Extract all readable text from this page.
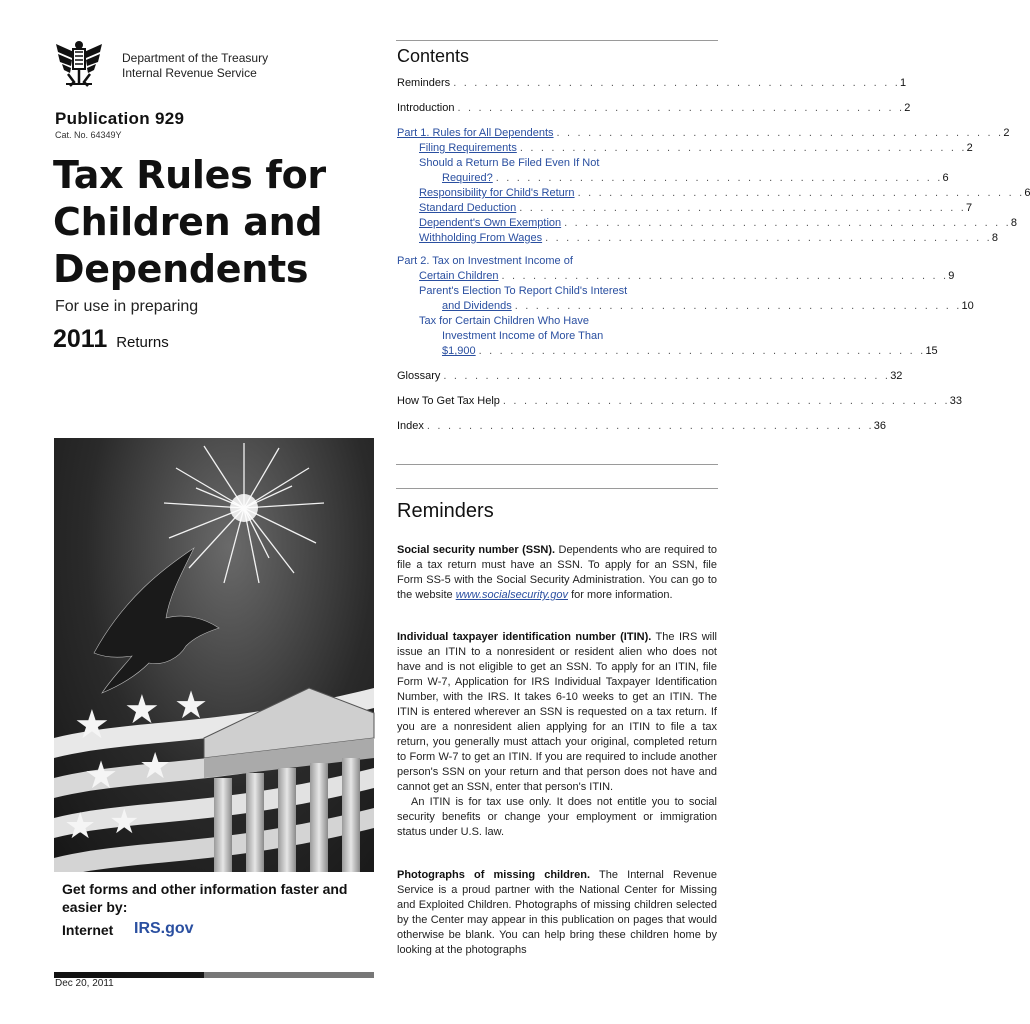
Department of the Treasury
Internal Revenue Service
Publication 929
Cat. No. 64349Y
Tax Rules for
Children and
Dependents
For use in preparing
2011 Returns
★ ★ ★
★ ★
★ ★
Get forms and other information faster and easier by:
Internet IRS.gov
Dec 20, 2011
Contents
Reminders . . . . . . . . . . . . . . . . . . . . . . . . . . . . . . . . . . . . . . . . . . . 1
Introduction . . . . . . . . . . . . . . . . . . . . . . . . . . . . . . . . . . . . . . . . . . . 2
Part 1. Rules for All Dependents . . . . . . . . . . . . . . . . . . . . . . . . . . . . . . . . . . . . . . . . . . . 2
Filing Requirements . . . . . . . . . . . . . . . . . . . . . . . . . . . . . . . . . . . . . . . . . . . 2
Should a Return Be Filed Even If Not
Required? . . . . . . . . . . . . . . . . . . . . . . . . . . . . . . . . . . . . . . . . . . . 6
Responsibility for Child's Return . . . . . . . . . . . . . . . . . . . . . . . . . . . . . . . . . . . . . . . . . . . 6
Standard Deduction . . . . . . . . . . . . . . . . . . . . . . . . . . . . . . . . . . . . . . . . . . . 7
Dependent's Own Exemption . . . . . . . . . . . . . . . . . . . . . . . . . . . . . . . . . . . . . . . . . . . 8
Withholding From Wages . . . . . . . . . . . . . . . . . . . . . . . . . . . . . . . . . . . . . . . . . . . 8
Part 2. Tax on Investment Income of
Certain Children . . . . . . . . . . . . . . . . . . . . . . . . . . . . . . . . . . . . . . . . . . . 9
Parent's Election To Report Child's Interest
and Dividends . . . . . . . . . . . . . . . . . . . . . . . . . . . . . . . . . . . . . . . . . . . 10
Tax for Certain Children Who Have
Investment Income of More Than
$1,900 . . . . . . . . . . . . . . . . . . . . . . . . . . . . . . . . . . . . . . . . . . . 15
Glossary . . . . . . . . . . . . . . . . . . . . . . . . . . . . . . . . . . . . . . . . . . . 32
How To Get Tax Help . . . . . . . . . . . . . . . . . . . . . . . . . . . . . . . . . . . . . . . . . . . 33
Index . . . . . . . . . . . . . . . . . . . . . . . . . . . . . . . . . . . . . . . . . . . 36
Reminders
Social security number (SSN). Dependents who are required to file a tax return must have an SSN. To apply for an SSN, file Form SS-5 with the Social Security Administration. You can go to the website www.socialsecurity.gov for more information.
Individual taxpayer identification number (ITIN). The IRS will issue an ITIN to a nonresident or resident alien who does not have and is not eligible to get an SSN. To apply for an ITIN, file Form W-7, Application for IRS Individual Taxpayer Identification Number, with the IRS. It takes 6-10 weeks to get an ITIN. The ITIN is entered wherever an SSN is requested on a tax return. If you are a nonresident alien applying for an ITIN to file a tax return, you generally must attach your original, completed return to Form W-7 to get an ITIN. If you are required to include another person's SSN on your return and that person does not have and cannot get an SSN, enter that person's ITIN.
An ITIN is for tax use only. It does not entitle you to social security benefits or change your employment or immigration status under U.S. law.
Photographs of missing children. The Internal Revenue Service is a proud partner with the National Center for Missing and Exploited Children. Photographs of missing children selected by the Center may appear in this publication on pages that would otherwise be blank. You can help bring these children home by looking at the photographs
